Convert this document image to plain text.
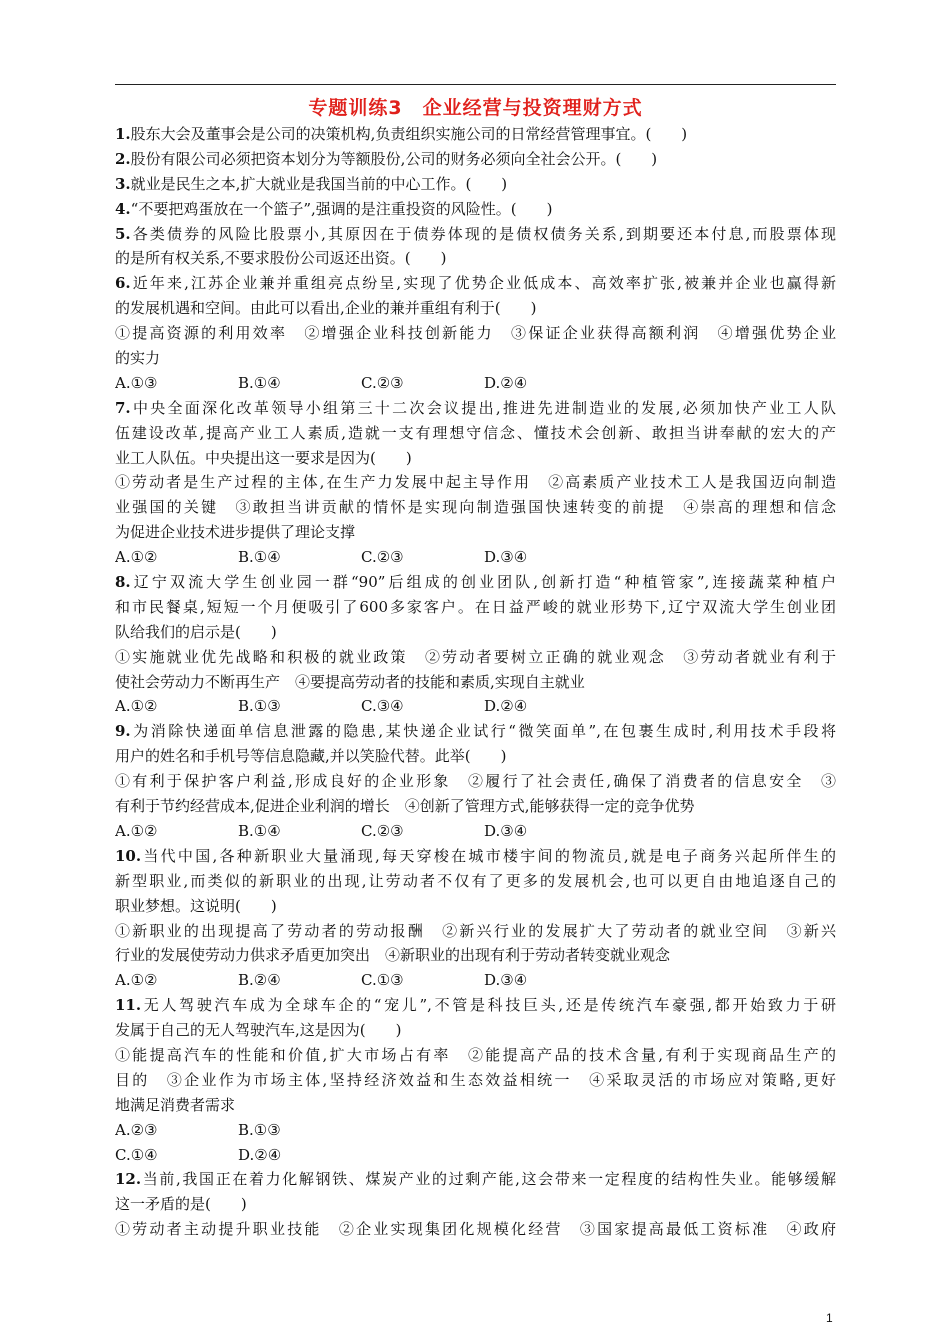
专题训练3　企业经营与投资理财方式
1.股东大会及董事会是公司的决策机构,负责组织实施公司的日常经营管理事宜。(　　)
2.股份有限公司必须把资本划分为等额股份,公司的财务必须向全社会公开。(　　)
3.就业是民生之本,扩大就业是我国当前的中心工作。(　　)
4.“不要把鸡蛋放在一个篮子”,强调的是注重投资的风险性。(　　)
5.各类债券的风险比股票小,其原因在于债券体现的是债权债务关系,到期要还本付息,而股票体现
的是所有权关系,不要求股份公司返还出资。(　　)
6.近年来,江苏企业兼并重组亮点纷呈,实现了优势企业低成本、高效率扩张,被兼并企业也赢得新
的发展机遇和空间。由此可以看出,企业的兼并重组有利于(　　)
①提高资源的利用效率　②增强企业科技创新能力　③保证企业获得高额利润　④增强优势企业
的实力
A.①③	B.①④	C.②③	D.②④
7.中央全面深化改革领导小组第三十二次会议提出,推进先进制造业的发展,必须加快产业工人队
伍建设改革,提高产业工人素质,造就一支有理想守信念、懂技术会创新、敢担当讲奉献的宏大的产
业工人队伍。中央提出这一要求是因为(　　)
①劳动者是生产过程的主体,在生产力发展中起主导作用　②高素质产业技术工人是我国迈向制造
业强国的关键　③敢担当讲贡献的情怀是实现向制造强国快速转变的前提　④崇高的理想和信念
为促进企业技术进步提供了理论支撑
A.①②	B.①④	C.②③	D.③④
8.辽宁双流大学生创业园一群“90”后组成的创业团队,创新打造“种植管家”,连接蔬菜种植户
和市民餐桌,短短一个月便吸引了600多家客户。在日益严峻的就业形势下,辽宁双流大学生创业团
队给我们的启示是(　　)
①实施就业优先战略和积极的就业政策　②劳动者要树立正确的就业观念　③劳动者就业有利于
使社会劳动力不断再生产　④要提高劳动者的技能和素质,实现自主就业
A.①②	B.①③	C.③④	D.②④
9.为消除快递面单信息泄露的隐患,某快递企业试行“微笑面单”,在包裹生成时,利用技术手段将
用户的姓名和手机号等信息隐藏,并以笑脸代替。此举(　　)
①有利于保护客户利益,形成良好的企业形象　②履行了社会责任,确保了消费者的信息安全　③
有利于节约经营成本,促进企业利润的增长　④创新了管理方式,能够获得一定的竞争优势
A.①②	B.①④	C.②③	D.③④
10.当代中国,各种新职业大量涌现,每天穿梭在城市楼宇间的物流员,就是电子商务兴起所伴生的
新型职业,而类似的新职业的出现,让劳动者不仅有了更多的发展机会,也可以更自由地追逐自己的
职业梦想。这说明(　　)
①新职业的出现提高了劳动者的劳动报酬　②新兴行业的发展扩大了劳动者的就业空间　③新兴
行业的发展使劳动力供求矛盾更加突出　④新职业的出现有利于劳动者转变就业观念
A.①②	B.②④	C.①③	D.③④
11.无人驾驶汽车成为全球车企的“宠儿”,不管是科技巨头,还是传统汽车豪强,都开始致力于研
发属于自己的无人驾驶汽车,这是因为(　　)
①能提高汽车的性能和价值,扩大市场占有率　②能提高产品的技术含量,有利于实现商品生产的
目的　③企业作为市场主体,坚持经济效益和生态效益相统一　④采取灵活的市场应对策略,更好
地满足消费者需求
A.②③	B.①③
C.①④	D.②④
12.当前,我国正在着力化解钢铁、煤炭产业的过剩产能,这会带来一定程度的结构性失业。能够缓解
这一矛盾的是(　　)
①劳动者主动提升职业技能　②企业实现集团化规模化经营　③国家提高最低工资标准　④政府
1
